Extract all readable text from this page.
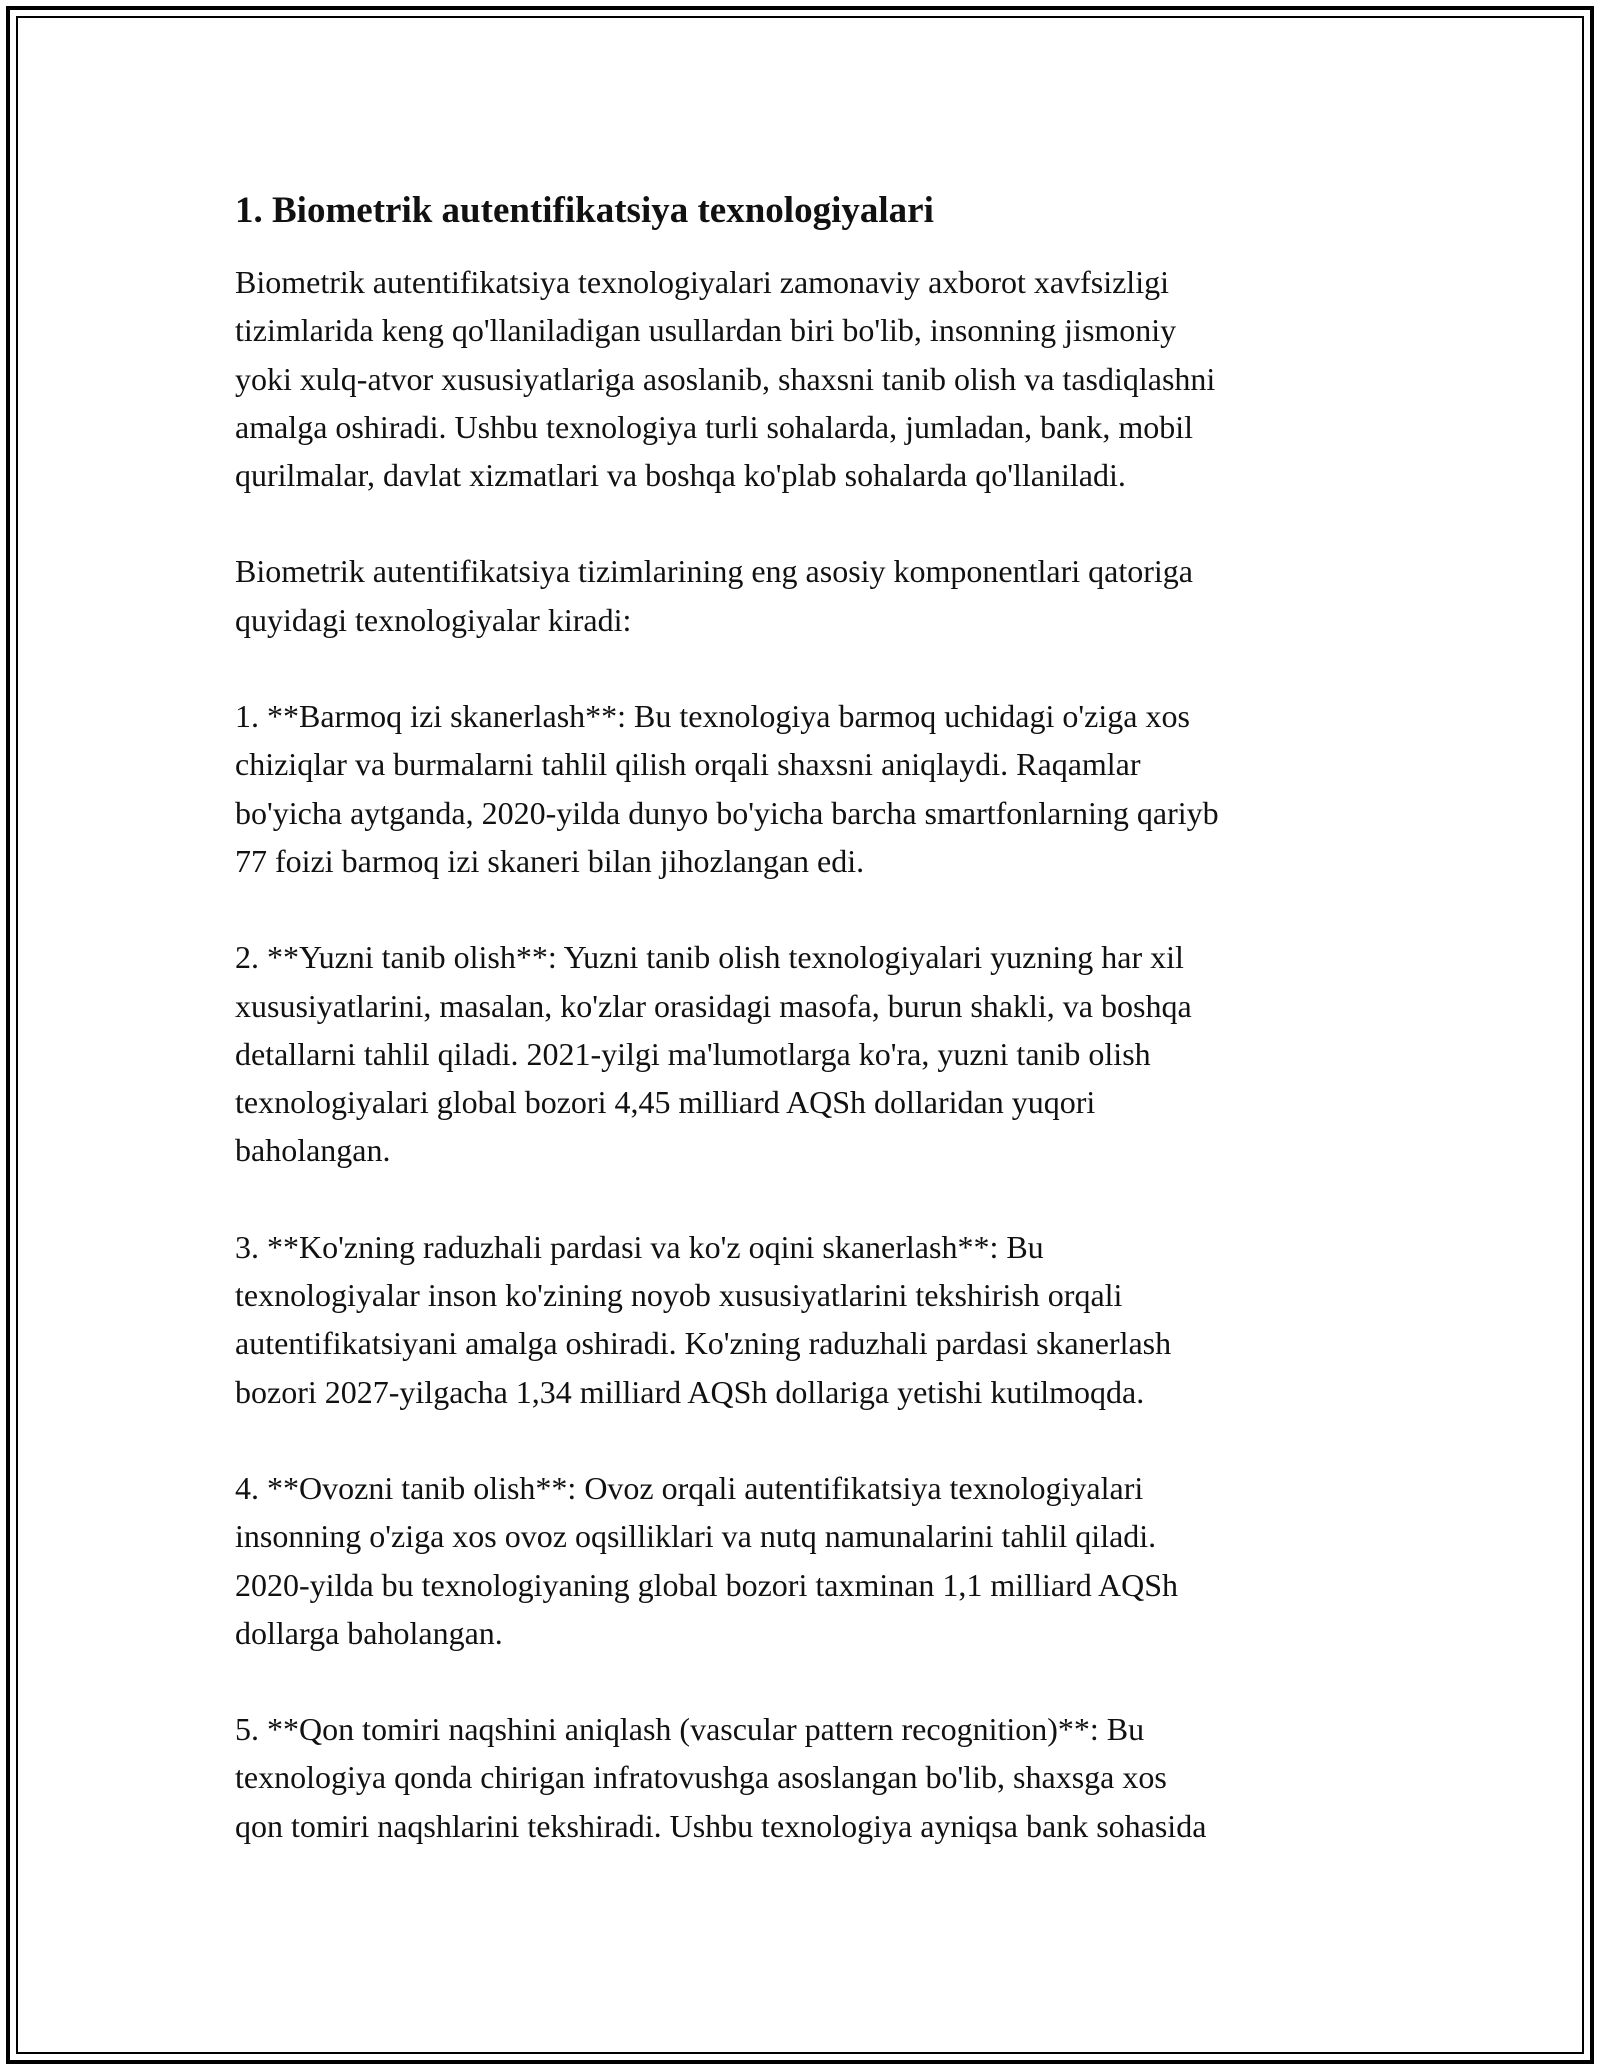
1. Biometrik autentifikatsiya texnologiyalari

Biometrik autentifikatsiya texnologiyalari zamonaviy axborot xavfsizligi
tizimlarida keng qo'llaniladigan usullardan biri bo'lib, insonning jismoniy
yoki xulq-atvor xususiyatlariga asoslanib, shaxsni tanib olish va tasdiqlashni
amalga oshiradi. Ushbu texnologiya turli sohalarda, jumladan, bank, mobil
qurilmalar, davlat xizmatlari va boshqa ko'plab sohalarda qo'llaniladi.

Biometrik autentifikatsiya tizimlarining eng asosiy komponentlari qatoriga
quyidagi texnologiyalar kiradi:

1. **Barmoq izi skanerlash**: Bu texnologiya barmoq uchidagi o'ziga xos
chiziqlar va burmalarni tahlil qilish orqali shaxsni aniqlaydi. Raqamlar
bo'yicha aytganda, 2020-yilda dunyo bo'yicha barcha smartfonlarning qariyb
77 foizi barmoq izi skaneri bilan jihozlangan edi.

2. **Yuzni tanib olish**: Yuzni tanib olish texnologiyalari yuzning har xil
xususiyatlarini, masalan, ko'zlar orasidagi masofa, burun shakli, va boshqa
detallarni tahlil qiladi. 2021-yilgi ma'lumotlarga ko'ra, yuzni tanib olish
texnologiyalari global bozori 4,45 milliard AQSh dollaridan yuqori
baholangan.

3. **Ko'zning raduzhali pardasi va ko'z oqini skanerlash**: Bu
texnologiyalar inson ko'zining noyob xususiyatlarini tekshirish orqali
autentifikatsiyani amalga oshiradi. Ko'zning raduzhali pardasi skanerlash
bozori 2027-yilgacha 1,34 milliard AQSh dollariga yetishi kutilmoqda.

4. **Ovozni tanib olish**: Ovoz orqali autentifikatsiya texnologiyalari
insonning o'ziga xos ovoz oqsilliklari va nutq namunalarini tahlil qiladi.
2020-yilda bu texnologiyaning global bozori taxminan 1,1 milliard AQSh
dollarga baholangan.

5. **Qon tomiri naqshini aniqlash (vascular pattern recognition)**: Bu
texnologiya qonda chirigan infratovushga asoslangan bo'lib, shaxsga xos
qon tomiri naqshlarini tekshiradi. Ushbu texnologiya ayniqsa bank sohasida
